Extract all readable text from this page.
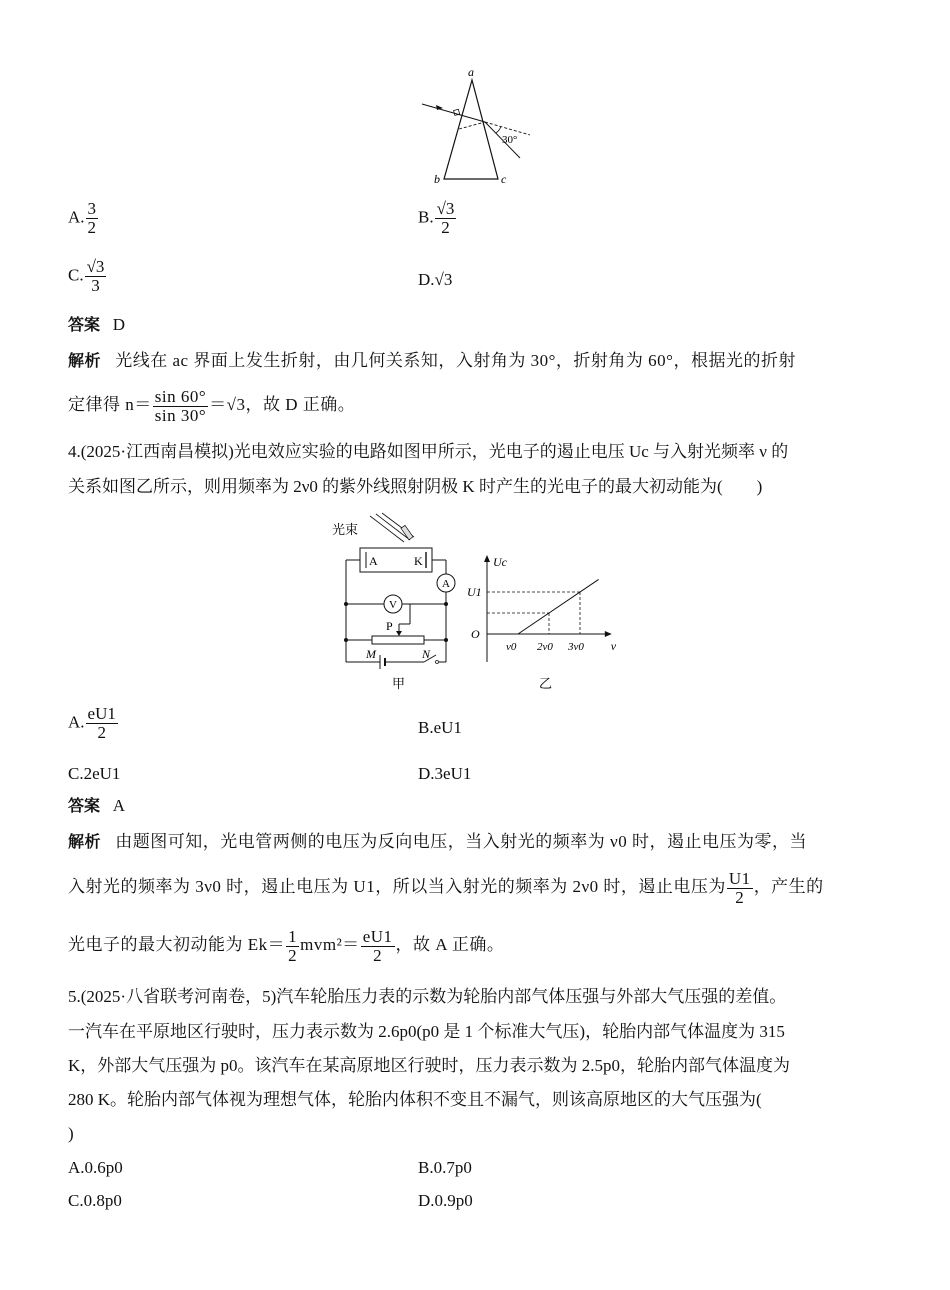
a
b	c
30°
A. $\frac{3}{2}$	B. $\frac{√3}{2}$
C. $\frac{√3}{3}$	D.√3
答案 D
解析 光线在 ac 界面上发生折射，由几何关系知，入射角为 30°，折射角为 60°，根据光的折射
定律得 $n= \frac{\sin 60^\circ}{\sin 30^\circ} =√3$，故 D 正确。
4.(2025·江西南昌模拟)光电效应实验的电路如图甲所示，光电子的遏止电压 Uc 与入射光频率 ν 的
关系如图乙所示，则用频率为 2ν0 的紫外线照射阴极 K 时产生的光电子的最大初动能为(　　)
光束
A	K
A
V
P
M	N
甲
Uc
ν
O
U1
ν0 2ν0 3ν0
乙
A. $\frac{eU1}{2}$	B.eU1
C.2eU1	D.3eU1
答案 A
解析 由题图可知，光电管两侧的电压为反向电压，当入射光的频率为 ν0 时，遏止电压为零，当
入射光的频率为 3ν0 时，遏止电压为 U1，所以当入射光的频率为 2ν0 时，遏止电压为 $\frac{U1}{2}$ ，产生的
光电子的最大初动能为 $Ek= \frac{1}{2} mvm^2= \frac{eU1}{2}$ ，故 A 正确。
5.(2025·八省联考河南卷，5)汽车轮胎压力表的示数为轮胎内部气体压强与外部大气压强的差值。
一汽车在平原地区行驶时，压力表示数为 2.6p0(p0 是 1 个标准大气压)，轮胎内部气体温度为 315
K，外部大气压强为 p0。该汽车在某高原地区行驶时，压力表示数为 2.5p0，轮胎内部气体温度为
280 K。轮胎内部气体视为理想气体，轮胎内体积不变且不漏气，则该高原地区的大气压强为(
)
A.0.6p0	B.0.7p0
C.0.8p0	D.0.9p0
